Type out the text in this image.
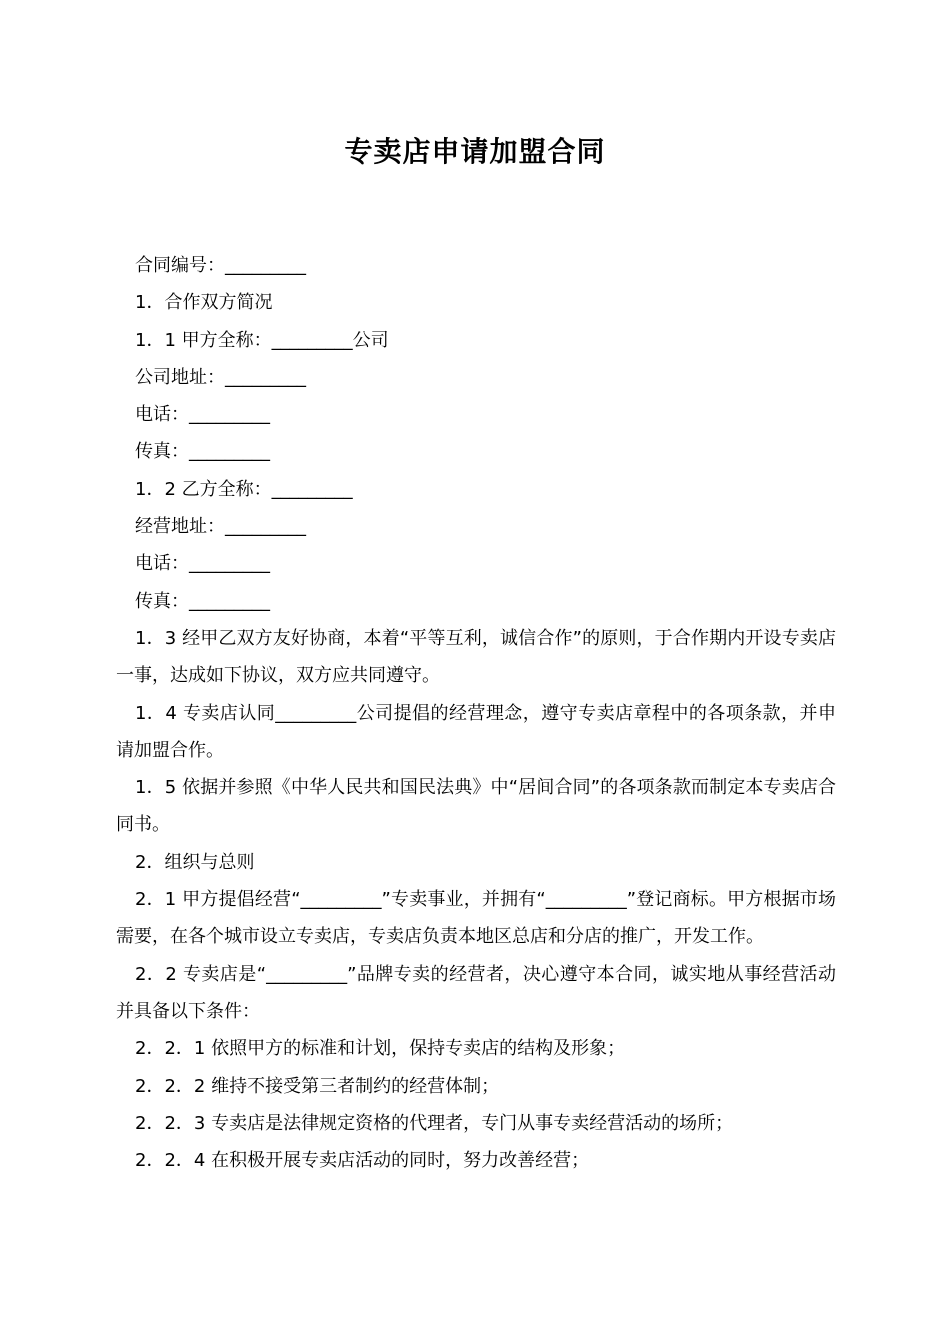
专卖店申请加盟合同

合同编号：_________

1．合作双方简况

1．1 甲方全称：_________公司

公司地址：_________

电话：_________

传真：_________

1．2 乙方全称：_________

经营地址：_________

电话：_________

传真：_________

1．3 经甲乙双方友好协商，本着“平等互利，诚信合作”的原则，于合作期内开设专卖店一事，达成如下协议，双方应共同遵守。

1．4 专卖店认同_________公司提倡的经营理念，遵守专卖店章程中的各项条款，并申请加盟合作。

1．5 依据并参照《中华人民共和国民法典》中“居间合同”的各项条款而制定本专卖店合同书。

2．组织与总则

2．1 甲方提倡经营“_________”专卖事业，并拥有“_________”登记商标。甲方根据市场需要，在各个城市设立专卖店，专卖店负责本地区总店和分店的推广，开发工作。

2．2 专卖店是“_________”品牌专卖的经营者，决心遵守本合同，诚实地从事经营活动并具备以下条件：

2．2．1 依照甲方的标准和计划，保持专卖店的结构及形象；

2．2．2 维持不接受第三者制约的经营体制；

2．2．3 专卖店是法律规定资格的代理者，专门从事专卖经营活动的场所；

2．2．4 在积极开展专卖店活动的同时，努力改善经营；
